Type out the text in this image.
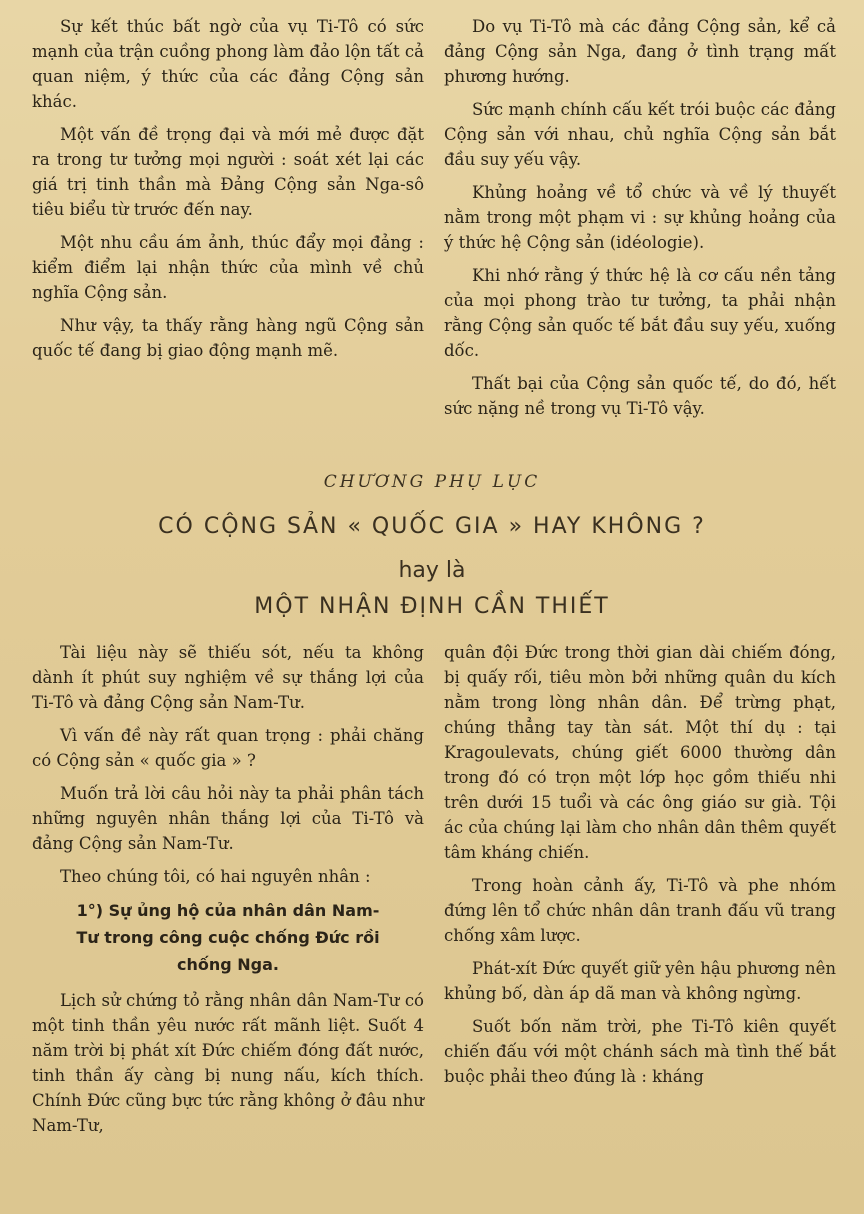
Sự kết thúc bất ngờ của vụ Ti-Tô có sức mạnh của trận cuồng phong làm đảo lộn tất cả quan niệm, ý thức của các đảng Cộng sản khác.

Một vấn đề trọng đại và mới mẻ được đặt ra trong tư tưởng mọi người : soát xét lại các giá trị tinh thần mà Đảng Cộng sản Nga-sô tiêu biểu từ trước đến nay.

Một nhu cầu ám ảnh, thúc đẩy mọi đảng : kiểm điểm lại nhận thức của mình về chủ nghĩa Cộng sản.

Như vậy, ta thấy rằng hàng ngũ Cộng sản quốc tế đang bị giao động mạnh mẽ.

Do vụ Ti-Tô mà các đảng Cộng sản, kể cả đảng Cộng sản Nga, đang ở tình trạng mất phương hướng.

Sức mạnh chính cấu kết trói buộc các đảng Cộng sản với nhau, chủ nghĩa Cộng sản bắt đầu suy yếu vậy.

Khủng hoảng về tổ chức và về lý thuyết nằm trong một phạm vi : sự khủng hoảng của ý thức hệ Cộng sản (idéologie).

Khi nhớ rằng ý thức hệ là cơ cấu nền tảng của mọi phong trào tư tưởng, ta phải nhận rằng Cộng sản quốc tế bắt đầu suy yếu, xuống dốc.

Thất bại của Cộng sản quốc tế, do đó, hết sức nặng nề trong vụ Ti-Tô vậy.

CHƯƠNG PHỤ LỤC
CÓ CỘNG SẢN « QUỐC GIA » HAY KHÔNG ?
hay là
MỘT NHẬN ĐỊNH CẦN THIẾT

Tài liệu này sẽ thiếu sót, nếu ta không dành ít phút suy nghiệm về sự thắng lợi của Ti-Tô và đảng Cộng sản Nam-Tư.

Vì vấn đề này rất quan trọng : phải chăng có Cộng sản « quốc gia » ?

Muốn trả lời câu hỏi này ta phải phân tách những nguyên nhân thắng lợi của Ti-Tô và đảng Cộng sản Nam-Tư.

Theo chúng tôi, có hai nguyên nhân :

1°) Sự ủng hộ của nhân dân Nam-
Tư trong công cuộc chống Đức rồi
chống Nga.

Lịch sử chứng tỏ rằng nhân dân Nam-Tư có một tinh thần yêu nước rất mãnh liệt. Suốt 4 năm trời bị phát xít Đức chiếm đóng đất nước, tinh thần ấy càng bị nung nấu, kích thích. Chính Đức cũng bực tức rằng không ở đâu như Nam-Tư,

quân đội Đức trong thời gian dài chiếm đóng, bị quấy rối, tiêu mòn bởi những quân du kích nằm trong lòng nhân dân. Để trừng phạt, chúng thẳng tay tàn sát. Một thí dụ : tại Kragoulevats, chúng giết 6000 thường dân trong đó có trọn một lớp học gồm thiếu nhi trên dưới 15 tuổi và các ông giáo sư già. Tội ác của chúng lại làm cho nhân dân thêm quyết tâm kháng chiến.

Trong hoàn cảnh ấy, Ti-Tô và phe nhóm đứng lên tổ chức nhân dân tranh đấu vũ trang chống xâm lược.

Phát-xít Đức quyết giữ yên hậu phương nên khủng bố, dàn áp dã man và không ngừng.

Suốt bốn năm trời, phe Ti-Tô kiên quyết chiến đấu với một chánh sách mà tình thế bắt buộc phải theo đúng là : kháng
